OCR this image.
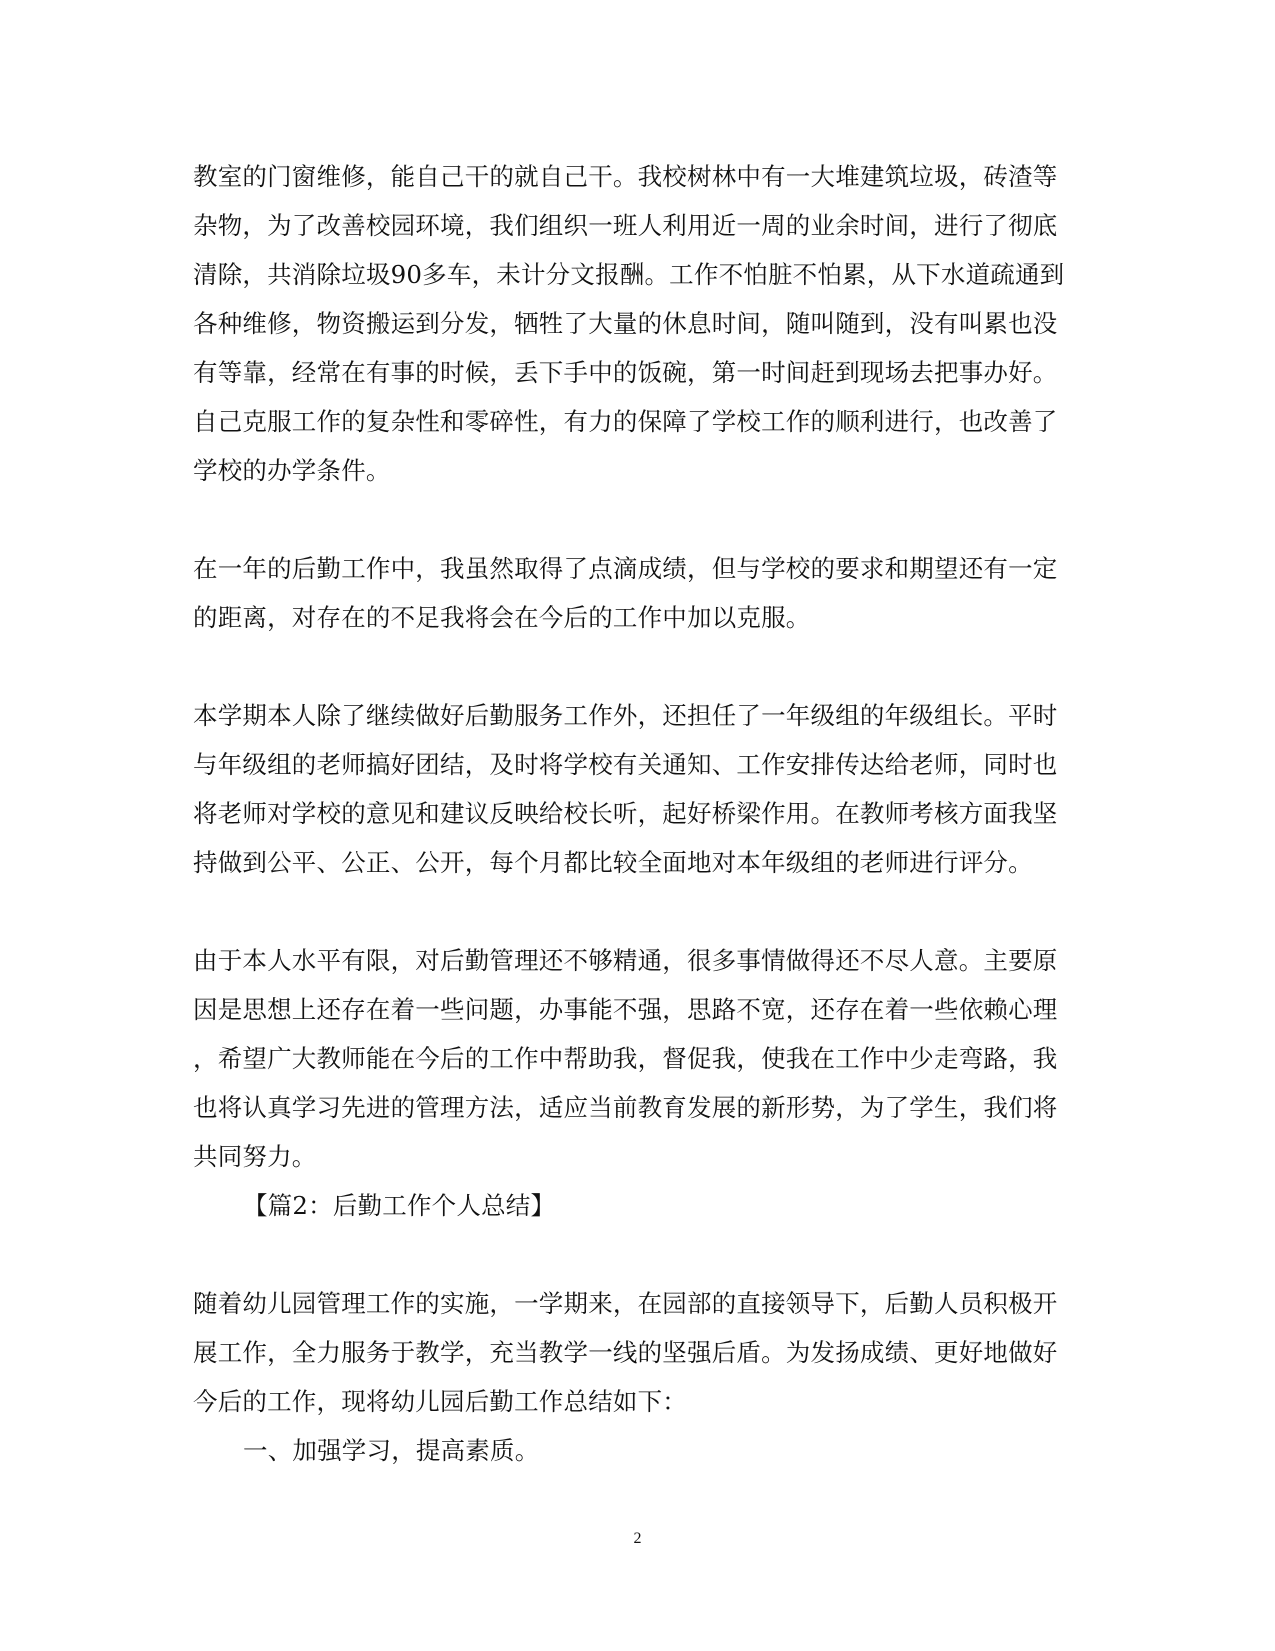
教室的门窗维修，能自己干的就自己干。我校树林中有一大堆建筑垃圾，砖渣等
杂物，为了改善校园环境，我们组织一班人利用近一周的业余时间，进行了彻底
清除，共消除垃圾90多车，未计分文报酬。工作不怕脏不怕累，从下水道疏通到
各种维修，物资搬运到分发，牺牲了大量的休息时间，随叫随到，没有叫累也没
有等靠，经常在有事的时候，丢下手中的饭碗，第一时间赶到现场去把事办好。
自己克服工作的复杂性和零碎性，有力的保障了学校工作的顺利进行，也改善了
学校的办学条件。

在一年的后勤工作中，我虽然取得了点滴成绩，但与学校的要求和期望还有一定
的距离，对存在的不足我将会在今后的工作中加以克服。

本学期本人除了继续做好后勤服务工作外，还担任了一年级组的年级组长。平时
与年级组的老师搞好团结，及时将学校有关通知、工作安排传达给老师，同时也
将老师对学校的意见和建议反映给校长听，起好桥梁作用。在教师考核方面我坚
持做到公平、公正、公开，每个月都比较全面地对本年级组的老师进行评分。

由于本人水平有限，对后勤管理还不够精通，很多事情做得还不尽人意。主要原
因是思想上还存在着一些问题，办事能不强，思路不宽，还存在着一些依赖心理
，希望广大教师能在今后的工作中帮助我，督促我，使我在工作中少走弯路，我
也将认真学习先进的管理方法，适应当前教育发展的新形势，为了学生，我们将
共同努力。

【篇2：后勤工作个人总结】

随着幼儿园管理工作的实施，一学期来，在园部的直接领导下，后勤人员积极开
展工作，全力服务于教学，充当教学一线的坚强后盾。为发扬成绩、更好地做好
今后的工作，现将幼儿园后勤工作总结如下：

一、加强学习，提高素质。

2
